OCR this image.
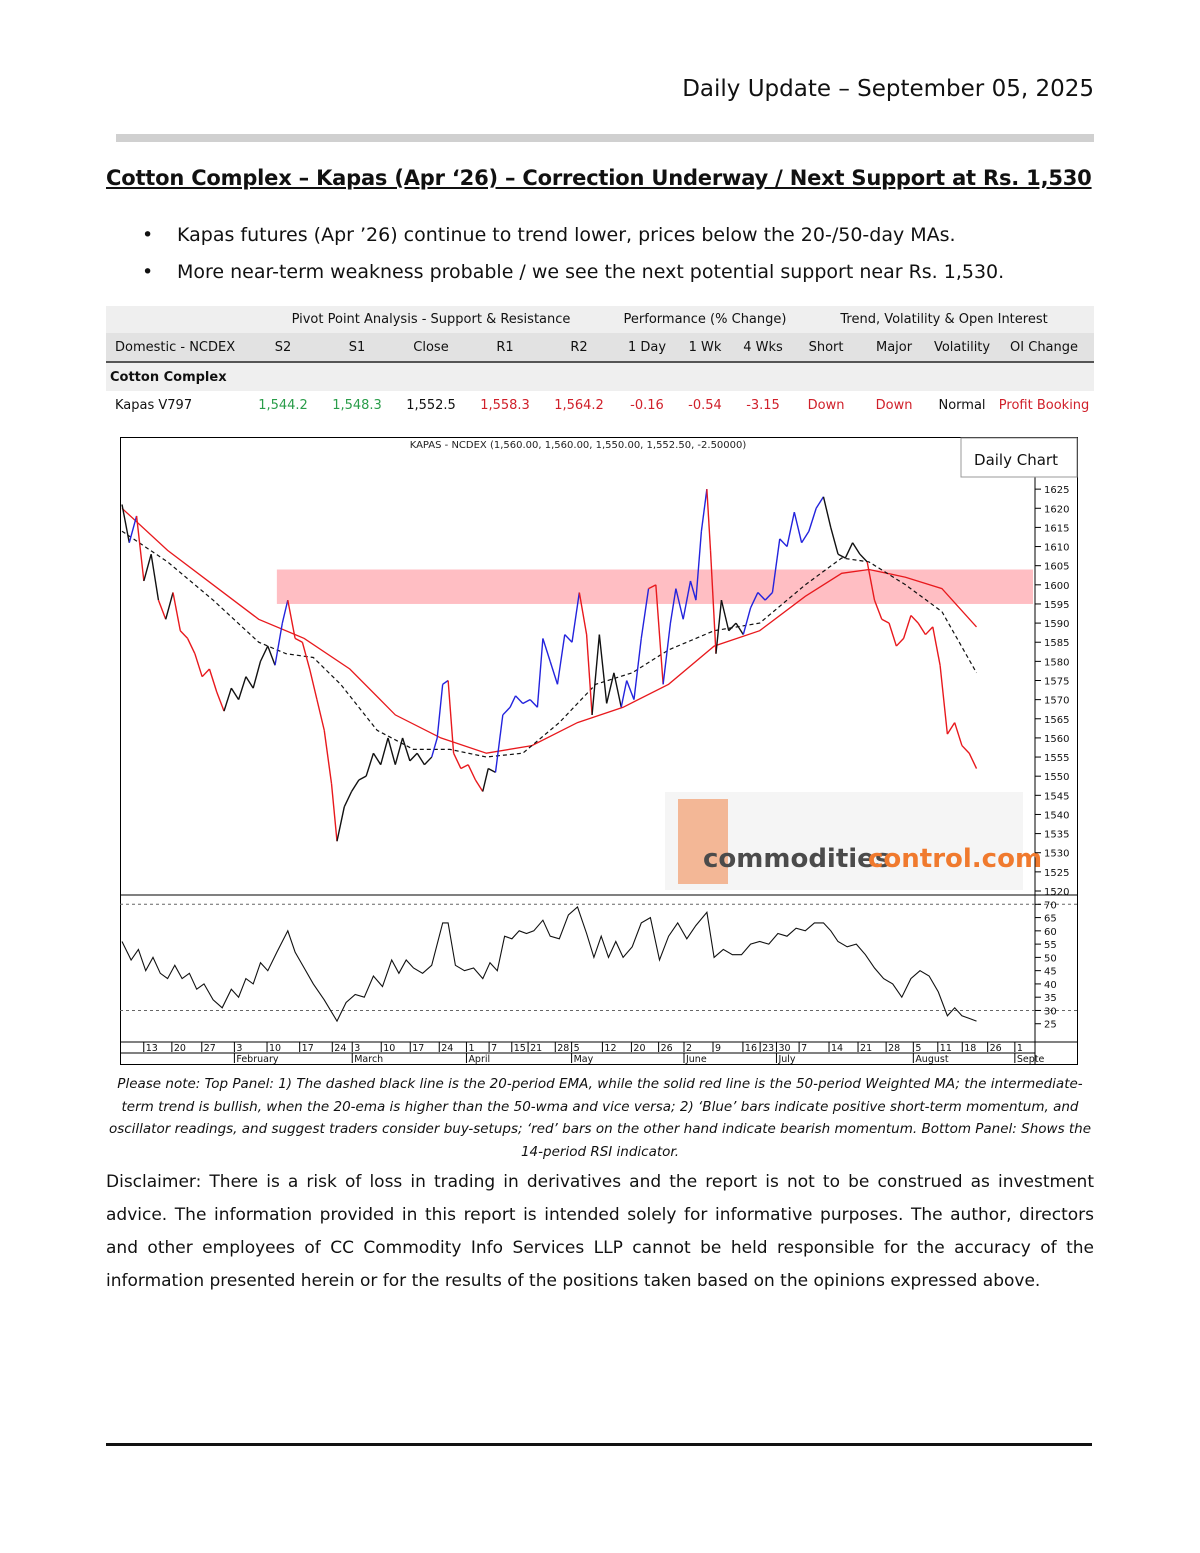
Daily Update – September 05, 2025
Cotton Complex – Kapas (Apr ‘26) – Correction Underway / Next Support at Rs. 1,530
• Kapas futures (Apr ’26) continue to trend lower, prices below the 20-/50-day MAs.
• More near-term weakness probable / we see the next potential support near Rs. 1,530.
	Pivot Point Analysis - Support & Resistance					Performance (% Change)			Trend, Volatility & Open Interest			
Domestic - NCDEX	S2	S1	Close	R1	R2	1 Day	1 Wk	4 Wks	Short	Major	Volatility	OI Change
Cotton Complex												
Kapas V797	1,544.2	1,548.3	1,552.5	1,558.3	1,564.2	-0.16	-0.54	-3.15	Down	Down	Normal	Profit Booking
KAPAS - NCDEX (1,560.00, 1,560.00, 1,550.00, 1,552.50, -2.50000)
Daily Chart
commodities
control.com
1625
1620
1615
1610
1605
1600
1595
1590
1585
1580
1575
1570
1565
1560
1555
1550
1545
1540
1535
1530
1525
1520
70
65
60
55
50
45
40
35
30
25
13 20 27 3	10 17 24 3 10 17 24 1 7 15 21 28 5	12 20 26 2 9	16 23 30 7	14 21 28 5 11 18 26 1
February	March	April	May	June	July	August	Septe
Please note: Top Panel: 1) The dashed black line is the 20-period EMA, while the solid red line is the 50-period Weighted MA; the intermediate-term trend is bullish, when the 20-ema is higher than the 50-wma and vice versa; 2) ‘Blue’ bars indicate positive short-term momentum, and oscillator readings, and suggest traders consider buy-setups; ‘red’ bars on the other hand indicate bearish momentum. Bottom Panel: Shows the 14-period RSI indicator.
Disclaimer: There is a risk of loss in trading in derivatives and the report is not to be construed as investment advice. The information provided in this report is intended solely for informative purposes. The author, directors and other employees of CC Commodity Info Services LLP cannot be held responsible for the accuracy of the information presented herein or for the results of the positions taken based on the opinions expressed above.
